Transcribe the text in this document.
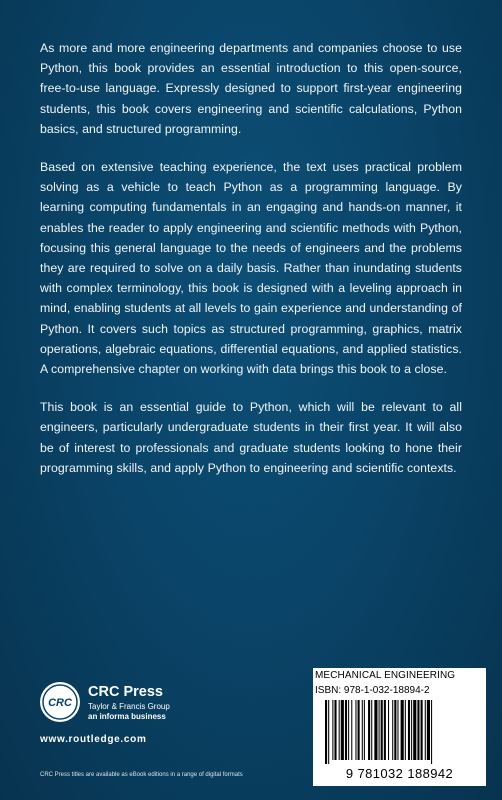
As more and more engineering departments and companies choose to use Python, this book provides an essential introduction to this open-source, free-to-use language. Expressly designed to support first-year engineering students, this book covers engineering and scientific calculations, Python basics, and structured programming.

Based on extensive teaching experience, the text uses practical problem solving as a vehicle to teach Python as a programming language. By learning computing fundamentals in an engaging and hands-on manner, it enables the reader to apply engineering and scientific methods with Python, focusing this general language to the needs of engineers and the problems they are required to solve on a daily basis. Rather than inundating students with complex terminology, this book is designed with a leveling approach in mind, enabling students at all levels to gain experience and understanding of Python. It covers such topics as structured programming, graphics, matrix operations, algebraic equations, differential equations, and applied statistics. A comprehensive chapter on working with data brings this book to a close.

This book is an essential guide to Python, which will be relevant to all engineers, particularly undergraduate students in their first year. It will also be of interest to professionals and graduate students looking to hone their programming skills, and apply Python to engineering and scientific contexts.

CRC
CRC Press
Taylor & Francis Group
an informa business
www.routledge.com
CRC Press titles are available as eBook editions in a range of digital formats
MECHANICAL ENGINEERING
ISBN: 978-1-032-18894-2
9 781032 188942
